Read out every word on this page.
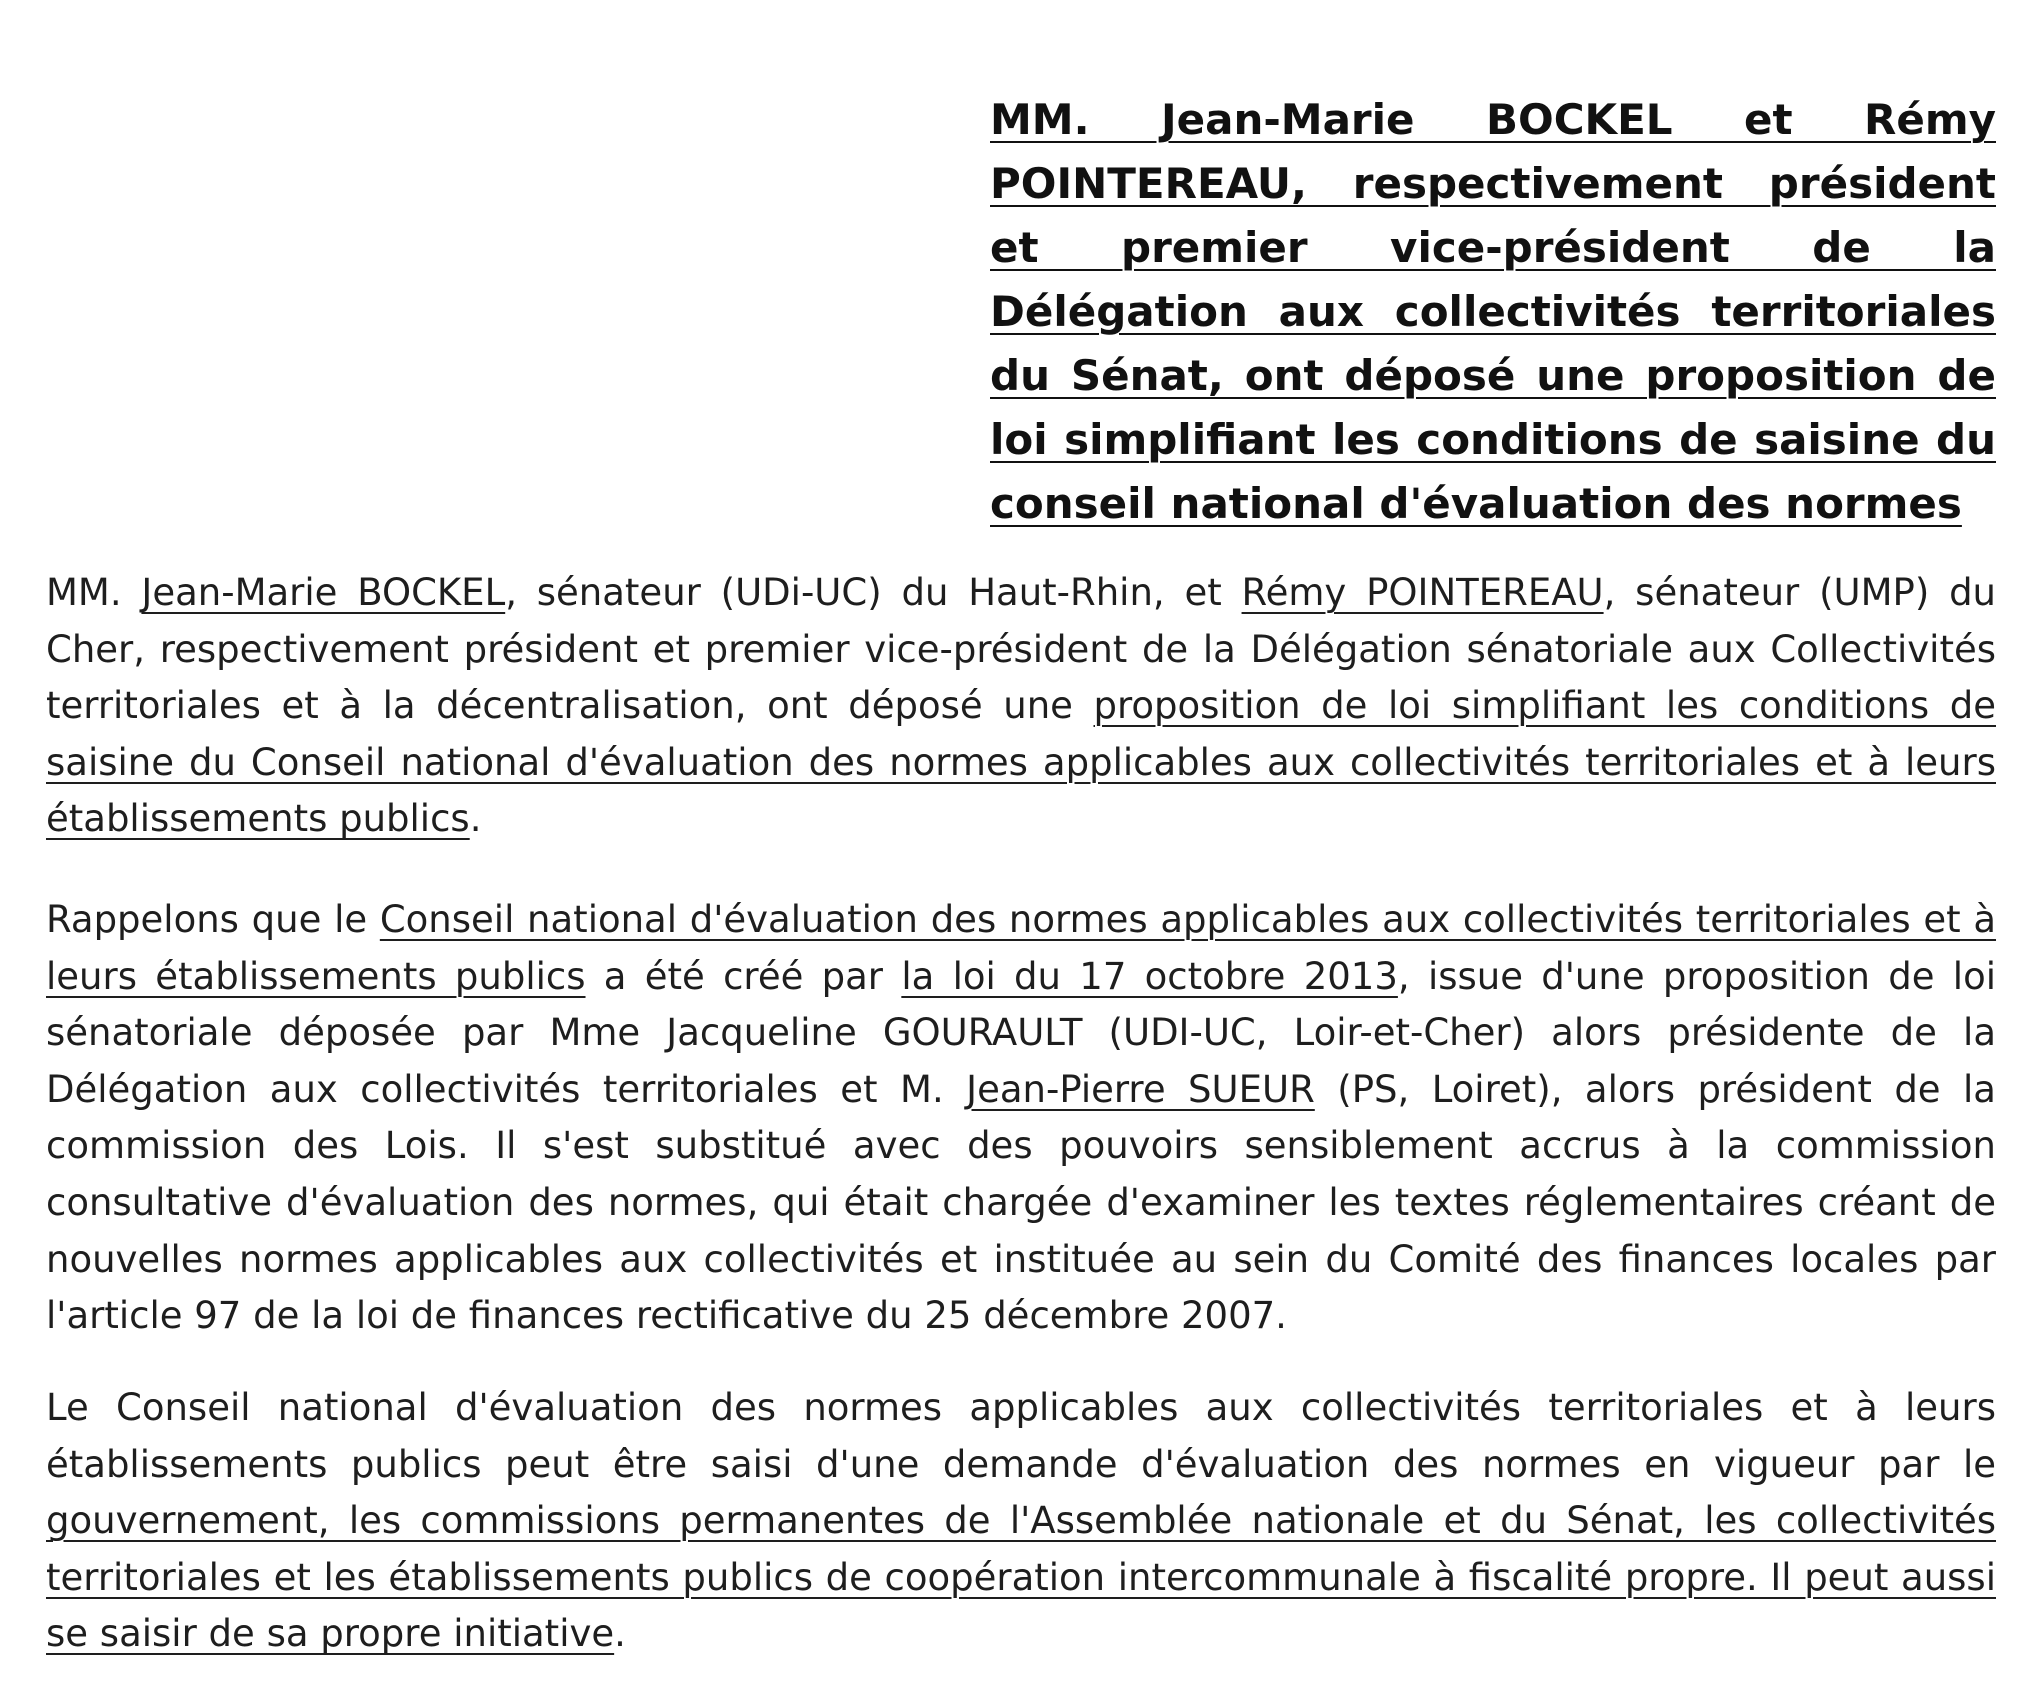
MM. Jean-Marie BOCKEL et Rémy POINTEREAU, respectivement président et premier vice-président de la Délégation aux collectivités territoriales du Sénat, ont déposé une proposition de loi simplifiant les conditions de saisine du conseil national d'évaluation des normes

MM. Jean-Marie BOCKEL, sénateur (UDi-UC) du Haut-Rhin, et Rémy POINTEREAU, sénateur (UMP) du Cher, respectivement président et premier vice-président de la Délégation sénatoriale aux Collectivités territoriales et à la décentralisation, ont déposé une proposition de loi simplifiant les conditions de saisine du Conseil national d'évaluation des normes applicables aux collectivités territoriales et à leurs établissements publics.

Rappelons que le Conseil national d'évaluation des normes applicables aux collectivités territoriales et à leurs établissements publics a été créé par la loi du 17 octobre 2013, issue d'une proposition de loi sénatoriale déposée par Mme Jacqueline GOURAULT (UDI-UC, Loir-et-Cher) alors présidente de la Délégation aux collectivités territoriales et M. Jean-Pierre SUEUR (PS, Loiret), alors président de la commission des Lois. Il s'est substitué avec des pouvoirs sensiblement accrus à la commission consultative d'évaluation des normes, qui était chargée d'examiner les textes réglementaires créant de nouvelles normes applicables aux collectivités et instituée au sein du Comité des finances locales par l'article 97 de la loi de finances rectificative du 25 décembre 2007.

Le Conseil national d'évaluation des normes applicables aux collectivités territoriales et à leurs établissements publics peut être saisi d'une demande d'évaluation des normes en vigueur par le gouvernement, les commissions permanentes de l'Assemblée nationale et du Sénat, les collectivités territoriales et les établissements publics de coopération intercommunale à fiscalité propre. Il peut aussi se saisir de sa propre initiative.
